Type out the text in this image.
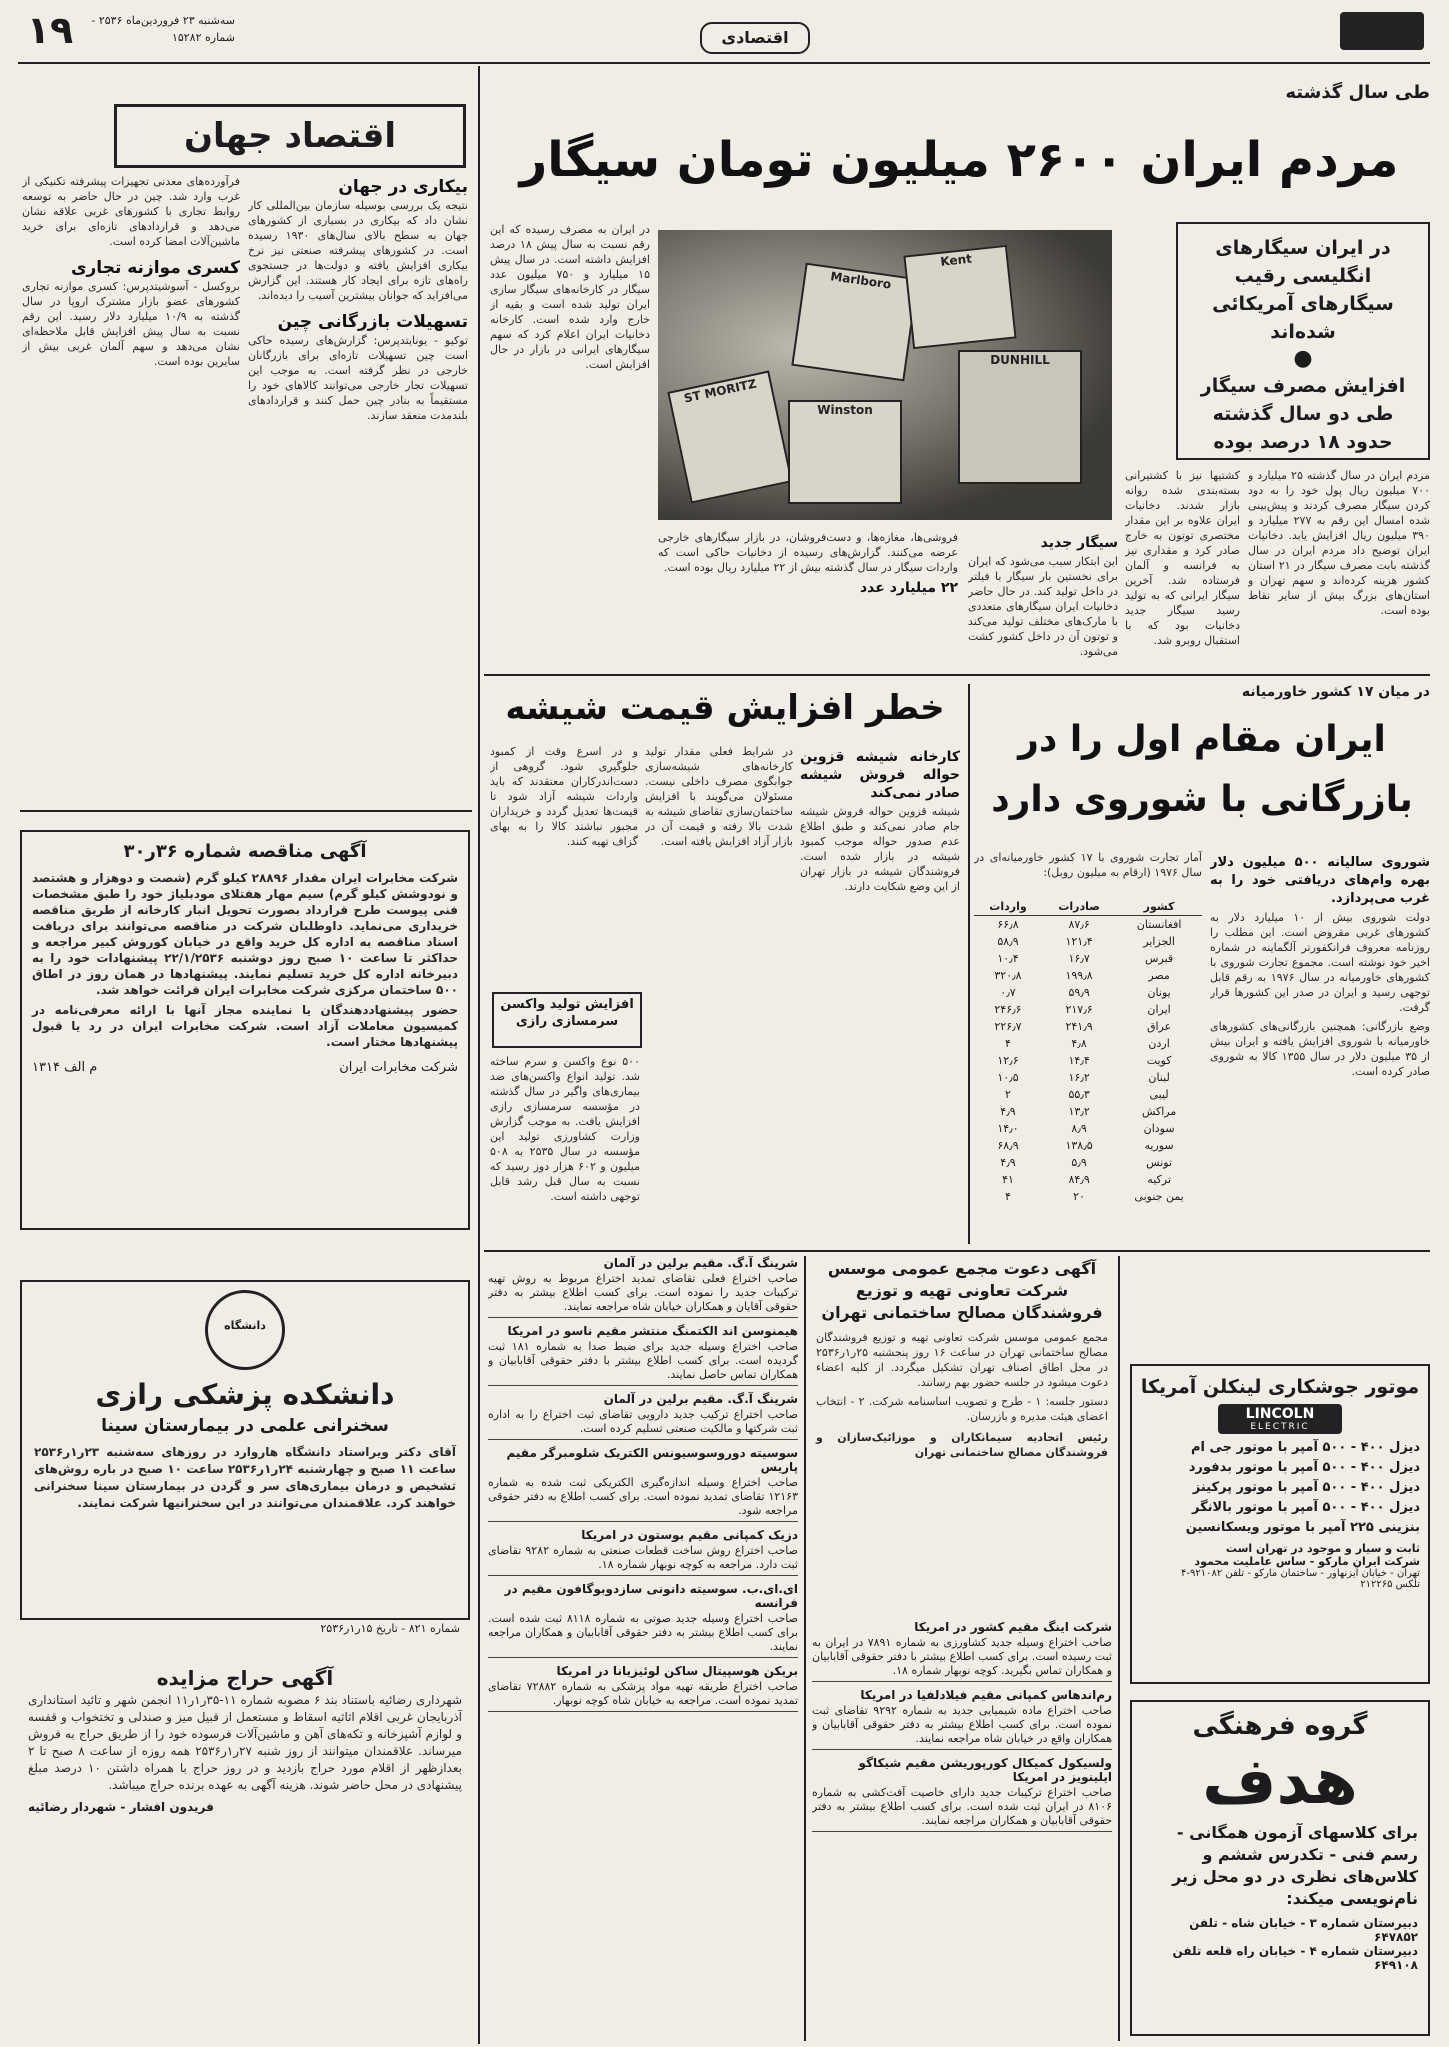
۱۹	سه‌شنبه ۲۳ فروردین‌ماه ۲۵۳۶ - شماره ۱۵۲۸۲	اقتصادی
طی سال گذشته
مردم ایران ۲۶۰۰ میلیون تومان سیگار
در ایران سیگارهای انگلیسی رقیب سیگارهای آمریکائی شده‌اند
●
افزایش مصرف سیگار طی دو سال گذشته حدود ۱۸ درصد بوده
ST MORITZ
DUNHILL
Marlboro
Kent
Winston
مردم ایران در سال گذشته ۲۵ میلیارد و ۷۰۰ میلیون ریال پول خود را به دود کردن سیگار مصرف کردند و پیش‌بینی شده امسال این رقم به ۲۷۷ میلیارد و ۳۹۰ میلیون ریال افزایش یابد. دخانیات ایران توضیح داد مردم ایران در سال گذشته بابت مصرف سیگار در ۲۱ استان کشور هزینه کرده‌اند و سهم تهران و استان‌های بزرگ بیش از سایر نقاط بوده است.
کشتیها نیز با کشتیرانی بسته‌بندی شده روانه بازار شدند. دخانیات ایران علاوه بر این مقدار مختصری توتون به خارج صادر کرد و مقداری نیز به فرانسه و آلمان فرستاده شد. آخرین سیگار ایرانی که به تولید رسید سیگار جدید دخانیات بود که با استقبال روبرو شد.
سیگار جدید
این ابتکار سبب می‌شود که ایران برای نخستین بار سیگار با فیلتر در داخل تولید کند. در حال حاضر دخانیات ایران سیگارهای متعددی با مارک‌های مختلف تولید می‌کند و توتون آن در داخل کشور کشت می‌شود.
فروشی‌ها، مغازه‌ها، و دست‌فروشان، در بازار سیگارهای خارجی عرضه می‌کنند. گزارش‌های رسیده از دخانیات حاکی است که واردات سیگار در سال گذشته بیش از ۲۲ میلیارد ریال بوده است.
۲۲ میلیارد عدد
در ایران به مصرف رسیده که این رقم نسبت به سال پیش ۱۸ درصد افزایش داشته است. در سال پیش ۱۵ میلیارد و ۷۵۰ میلیون عدد سیگار در کارخانه‌های سیگار سازی ایران تولید شده است و بقیه از خارج وارد شده است. کارخانه دخانیات ایران اعلام کرد که سهم سیگارهای ایرانی در بازار در حال افزایش است.
اقتصاد جهان
بیکاری در جهان
نتیجه یک بررسی بوسیله سازمان بین‌المللی کار نشان داد که بیکاری در بسیاری از کشورهای جهان به سطح بالای سال‌های ۱۹۳۰ رسیده است. در کشورهای پیشرفته صنعتی نیز نرخ بیکاری افزایش یافته و دولت‌ها در جستجوی راه‌های تازه برای ایجاد کار هستند. این گزارش می‌افزاید که جوانان بیشترین آسیب را دیده‌اند.
تسهیلات بازرگانی چین
توکیو - یونایتدپرس: گزارش‌های رسیده حاکی است چین تسهیلات تازه‌ای برای بازرگانان خارجی در نظر گرفته است. به موجب این تسهیلات تجار خارجی می‌توانند کالاهای خود را مستقیماً به بنادر چین حمل کنند و قراردادهای بلندمدت منعقد سازند.
فرآورده‌های معدنی تجهیزات پیشرفته تکنیکی از غرب وارد شد. چین در حال حاضر به توسعه روابط تجاری با کشورهای غربی علاقه نشان می‌دهد و قراردادهای تازه‌ای برای خرید ماشین‌آلات امضا کرده است.
کسری موازنه تجاری
بروکسل - آسوشیتدپرس: کسری موازنه تجاری کشورهای عضو بازار مشترک اروپا در سال گذشته به ۱۰/۹ میلیارد دلار رسید. این رقم نسبت به سال پیش افزایش قابل ملاحظه‌ای نشان می‌دهد و سهم آلمان غربی بیش از سایرین بوده است.
آگهی مناقصه شماره ۳۶ر۳۰
شرکت مخابرات ایران مقدار ۲۸۸۹۶ کیلو گرم (شصت و دوهزار و هشتصد و نودوشش کیلو گرم) سیم مهار هفتلای مودبلیاژ خود را طبق مشخصات فنی پیوست طرح قرارداد بصورت تحویل انبار کارخانه از طریق مناقصه خریداری می‌نماید. داوطلبان شرکت در مناقصه می‌توانند برای دریافت اسناد مناقصه به اداره کل خرید واقع در خیابان کوروش کبیر مراجعه و حداکثر تا ساعت ۱۰ صبح روز دوشنبه ۲۲/۱/۲۵۳۶ پیشنهادات خود را به دبیرخانه اداره کل خرید تسلیم نمایند. پیشنهادها در همان روز در اطاق ۵۰۰ ساختمان مرکزی شرکت مخابرات ایران قرائت خواهد شد.
حضور پیشنهاددهندگان یا نماینده مجاز آنها با ارائه معرفی‌نامه در کمیسیون معاملات آزاد است. شرکت مخابرات ایران در رد یا قبول پیشنهادها مختار است.
شرکت مخابرات ایران
م الف ۱۳۱۴
دانشگاه
دانشکده پزشکی رازی
سخنرانی علمی در بیمارستان سینا
آقای دکتر ویراستاد دانشگاه هاروارد در روزهای سه‌شنبه ۲۳ر۱ر۲۵۳۶ ساعت ۱۱ صبح و چهارشنبه ۲۴ر۱ر۲۵۳۶ ساعت ۱۰ صبح در باره روش‌های تشخیص و درمان بیماری‌های سر و گردن در بیمارستان سینا سخنرانی خواهند کرد. علاقمندان می‌توانند در این سخنرانیها شرکت نمایند.
شماره ۸۲۱ - تاریخ ۱۵ر۱ر۲۵۳۶
آگهی حراج مزایده
شهرداری رضائیه باستناد بند ۶ مصوبه شماره ۱۱-۳۵ر۱ر۱۱ انجمن شهر و تائید استانداری آذربایجان غربی اقلام اثاثیه اسقاط و مستعمل از قبیل میز و صندلی و تختخواب و قفسه و لوازم آشپزخانه و تکه‌های آهن و ماشین‌آلات فرسوده خود را از طریق حراج به فروش میرساند. علاقمندان میتوانند از روز شنبه ۲۷ر۱ر۲۵۳۶ همه روزه از ساعت ۸ صبح تا ۲ بعدازظهر از اقلام مورد حراج بازدید و در روز حراج با همراه داشتن ۱۰ درصد مبلغ پیشنهادی در محل حاضر شوند. هزینه آگهی به عهده برنده حراج میباشد.
فریدون افشار - شهردار رضائیه
خطر افزایش قیمت شیشه
کارخانه شیشه قزوین حواله فروش شیشه صادر نمی‌کند
شیشه قزوین حواله فروش شیشه جام صادر نمی‌کند و طبق اطلاع عدم صدور حواله موجب کمبود شیشه در بازار شده است. فروشندگان شیشه در بازار تهران از این وضع شکایت دارند.
در شرایط فعلی مقدار تولید کارخانه‌های شیشه‌سازی جوابگوی مصرف داخلی نیست. مسئولان می‌گویند با افزایش ساختمان‌سازی تقاضای شیشه به شدت بالا رفته و قیمت آن در بازار آزاد افزایش یافته است.
و در اسرع وقت از کمبود جلوگیری شود. گروهی از دست‌اندرکاران معتقدند که باید واردات شیشه آزاد شود تا قیمت‌ها تعدیل گردد و خریداران مجبور نباشند کالا را به بهای گزاف تهیه کنند.
افزایش تولید واکسن سرمسازی رازی
۵۰۰ نوع واکسن و سرم ساخته شد. تولید انواع واکسن‌های ضد بیماری‌های واگیر در سال گذشته در مؤسسه سرمسازی رازی افزایش یافت. به موجب گزارش وزارت کشاورزی تولید این مؤسسه در سال ۲۵۳۵ به ۵۰۸ میلیون و ۶۰۲ هزار دوز رسید که نسبت به سال قبل رشد قابل توجهی داشته است.
در میان ۱۷ کشور خاورمیانه
ایران مقام اول را در بازرگانی با شوروی دارد
شوروی سالیانه ۵۰۰ میلیون دلار بهره وام‌های دریافتی خود را به غرب می‌پردازد.
دولت شوروی بیش از ۱۰ میلیارد دلار به کشورهای غربی مقروض است. این مطلب را روزنامه معروف فرانکفورتر آلگماینه در شماره اخیر خود نوشته است. مجموع تجارت شوروی با کشورهای خاورمیانه در سال ۱۹۷۶ به رقم قابل توجهی رسید و ایران در صدر این کشورها قرار گرفت.
وضع بازرگانی: همچنین بازرگانی‌های کشورهای خاورمیانه با شوروی افزایش یافته و ایران بیش از ۳۵ میلیون دلار در سال ۱۳۵۵ کالا به شوروی صادر کرده است.
آمار تجارت شوروی با ۱۷ کشور خاورمیانه‌ای در سال ۱۹۷۶ (ارقام به میلیون روبل):
کشور	صادرات	واردات
افغانستان	۸۷٫۶	۶۶٫۸
الجزایر	۱۲۱٫۴	۵۸٫۹
قبرس	۱۶٫۷	۱۰٫۴
مصر	۱۹۹٫۸	۳۲۰٫۸
یونان	۵۹٫۹	۰٫۷
ایران	۲۱۷٫۶	۲۴۶٫۶
عراق	۲۴۱٫۹	۲۲۶٫۷
اردن	۴٫۸	۴
کویت	۱۴٫۴	۱۲٫۶
لبنان	۱۶٫۲	۱۰٫۵
لیبی	۵۵٫۳	۲
مراکش	۱۳٫۲	۴٫۹
سودان	۸٫۹	۱۴٫۰
سوریه	۱۳۸٫۵	۶۸٫۹
تونس	۵٫۹	۴٫۹
ترکیه	۸۴٫۹	۴۱
یمن جنوبی	۲۰	۴
شرینگ آ.گ. مقیم برلین در آلمان
صاحب اختراع فعلی تقاضای تمدید اختراع مربوط به روش تهیه ترکیبات جدید را نموده است. برای کسب اطلاع بیشتر به دفتر حقوقی آقایان و همکاران خیابان شاه مراجعه نمایند.
هیمنوسن اند الکتمنگ منتشر مقیم ناسو در امریکا
صاحب اختراع وسیله جدید برای ضبط صدا به شماره ۱۸۱ ثبت گردیده است. برای کسب اطلاع بیشتر با دفتر حقوقی آقابابیان و همکاران تماس حاصل نمایند.
شرینگ آ.گ. مقیم برلین در آلمان
صاحب اختراع ترکیب جدید دارویی تقاضای ثبت اختراع را به اداره ثبت شرکتها و مالکیت صنعتی تسلیم کرده است.
سوسیته دوروسوسیونس الکتریک شلومبرگر مقیم پاریس
صاحب اختراع وسیله اندازه‌گیری الکتریکی ثبت شده به شماره ۱۲۱۶۳ تقاضای تمدید نموده است. برای کسب اطلاع به دفتر حقوقی مراجعه شود.
دزیک کمپانی مقیم بوستون در امریکا
صاحب اختراع روش ساخت قطعات صنعتی به شماره ۹۲۸۲ تقاضای ثبت دارد. مراجعه به کوچه نوبهار شماره ۱۸.
ای.ای.ب. سوسیته دانونی سازدوبوگافون مقیم در فرانسه
صاحب اختراع وسیله جدید صوتی به شماره ۸۱۱۸ ثبت شده است. برای کسب اطلاع بیشتر به دفتر حقوقی آقابابیان و همکاران مراجعه نمایند.
بریکن هوسپیتال ساکن لوئیزیانا در امریکا
صاحب اختراع طریقه تهیه مواد پزشکی به شماره ۷۲۸۸۲ تقاضای تمدید نموده است. مراجعه به خیابان شاه کوچه نوبهار.
آگهی دعوت مجمع عمومی موسس شرکت تعاونی تهیه و توزیع فروشندگان مصالح ساختمانی تهران
مجمع عمومی موسس شرکت تعاونی تهیه و توزیع فروشندگان مصالح ساختمانی تهران در ساعت ۱۶ روز پنجشنبه ۲۵ر۱ر۲۵۳۶ در محل اطاق اصناف تهران تشکیل میگردد. از کلیه اعضاء دعوت میشود در جلسه حضور بهم رسانند.
دستور جلسه: ۱ - طرح و تصویب اساسنامه شرکت. ۲ - انتخاب اعضای هیئت مدیره و بازرسان.
رئیس اتحادیه سیمانکاران و موزائیک‌سازان و فروشندگان مصالح ساختمانی تهران
شرکت اینگ مقیم کشور در امریکا
صاحب اختراع وسیله جدید کشاورزی به شماره ۷۸۹۱ در ایران به ثبت رسیده است. برای کسب اطلاع بیشتر با دفتر حقوقی آقابابیان و همکاران تماس بگیرید. کوچه نوبهار شماره ۱۸.
رم‌اندهاس کمپانی مقیم فیلادلفیا در امریکا
صاحب اختراع ماده شیمیایی جدید به شماره ۹۲۹۲ تقاضای ثبت نموده است. برای کسب اطلاع بیشتر به دفتر حقوقی آقابابیان و همکاران واقع در خیابان شاه مراجعه نمایند.
ولسیکول کمیکال کورپوریشن مقیم شیکاگو ایلینویز در امریکا
صاحب اختراع ترکیبات جدید دارای خاصیت آفت‌کشی به شماره ۸۱۰۶ در ایران ثبت شده است. برای کسب اطلاع بیشتر به دفتر حقوقی آقابابیان و همکاران مراجعه نمایند.
موتور جوشکاری لینکلن آمریکا
LINCOLN
ELECTRIC
دیزل ۴۰۰ - ۵۰۰ آمپر با موتور جی ام
دیزل ۴۰۰ - ۵۰۰ آمپر با موتور بدفورد
دیزل ۴۰۰ - ۵۰۰ آمپر با موتور پرکینز
دیزل ۴۰۰ - ۵۰۰ آمپر با موتور بالانگر
بنزینی ۲۲۵ آمپر با موتور ویسکانسین
ثابت و سیار و موجود در تهران است
شرکت ایران مارکو - ساس عاملیت محمود
تهران - خیابان آیزنهاور - ساختمان مارکو - تلفن ۹۲۱۰۸۲-۴
تلکس ۲۱۲۲۶۵
گروه فرهنگی
هدف
برای کلاسهای آزمون همگانی - رسم فنی - تکدرس ششم و کلاس‌های نظری در دو محل زیر نام‌نویسی میکند:
دبیرستان شماره ۳ - خیابان شاه - تلفن ۶۴۷۸۵۲
دبیرستان شماره ۴ - خیابان راه قلعه تلفن ۶۴۹۱۰۸
